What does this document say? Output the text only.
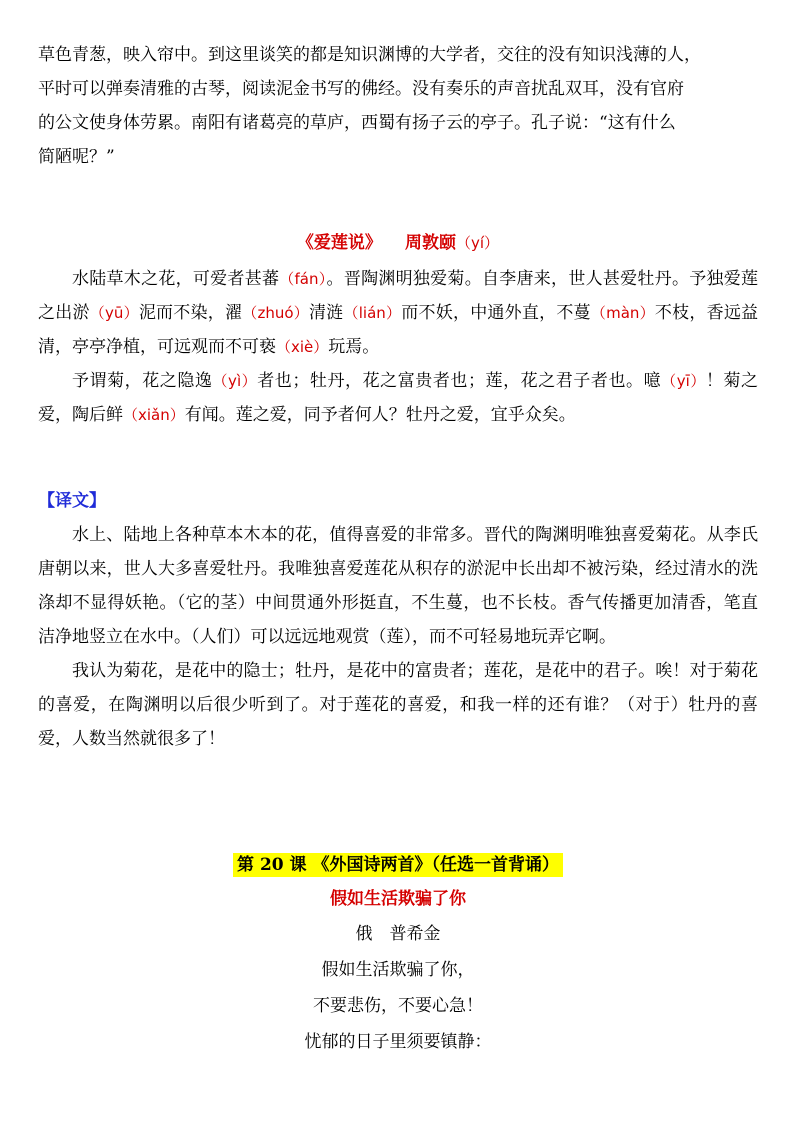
草色青葱，映入帘中。到这里谈笑的都是知识渊博的大学者，交往的没有知识浅薄的人，

平时可以弹奏清雅的古琴，阅读泥金书写的佛经。没有奏乐的声音扰乱双耳，没有官府

的公文使身体劳累。南阳有诸葛亮的草庐，西蜀有扬子云的亭子。孔子说：“这有什么

简陋呢？”

《爱莲说》 周敦颐（yí）

水陆草木之花，可爱者甚蕃（fán）。晋陶渊明独爱菊。自李唐来，世人甚爱牡丹。予独爱莲之出淤（yū）泥而不染，濯（zhuó）清涟（lián）而不妖，中通外直，不蔓（màn）不枝，香远益清，亭亭净植，可远观而不可亵（xiè）玩焉。

予谓菊，花之隐逸（yì）者也；牡丹，花之富贵者也；莲，花之君子者也。噫（yī）！菊之爱，陶后鲜（xiǎn）有闻。莲之爱，同予者何人？牡丹之爱，宜乎众矣。

【译文】

水上、陆地上各种草本木本的花，值得喜爱的非常多。晋代的陶渊明唯独喜爱菊花。从李氏唐朝以来，世人大多喜爱牡丹。我唯独喜爱莲花从积存的淤泥中长出却不被污染，经过清水的洗涤却不显得妖艳。（它的茎）中间贯通外形挺直，不生蔓，也不长枝。香气传播更加清香，笔直洁净地竖立在水中。（人们）可以远远地观赏（莲），而不可轻易地玩弄它啊。

我认为菊花，是花中的隐士；牡丹，是花中的富贵者；莲花，是花中的君子。唉！对于菊花的喜爱，在陶渊明以后很少听到了。对于莲花的喜爱，和我一样的还有谁？（对于）牡丹的喜爱，人数当然就很多了！

第 20 课 《外国诗两首》（任选一首背诵）

假如生活欺骗了你

俄　普希金

假如生活欺骗了你，

不要悲伤，不要心急！

忧郁的日子里须要镇静：
